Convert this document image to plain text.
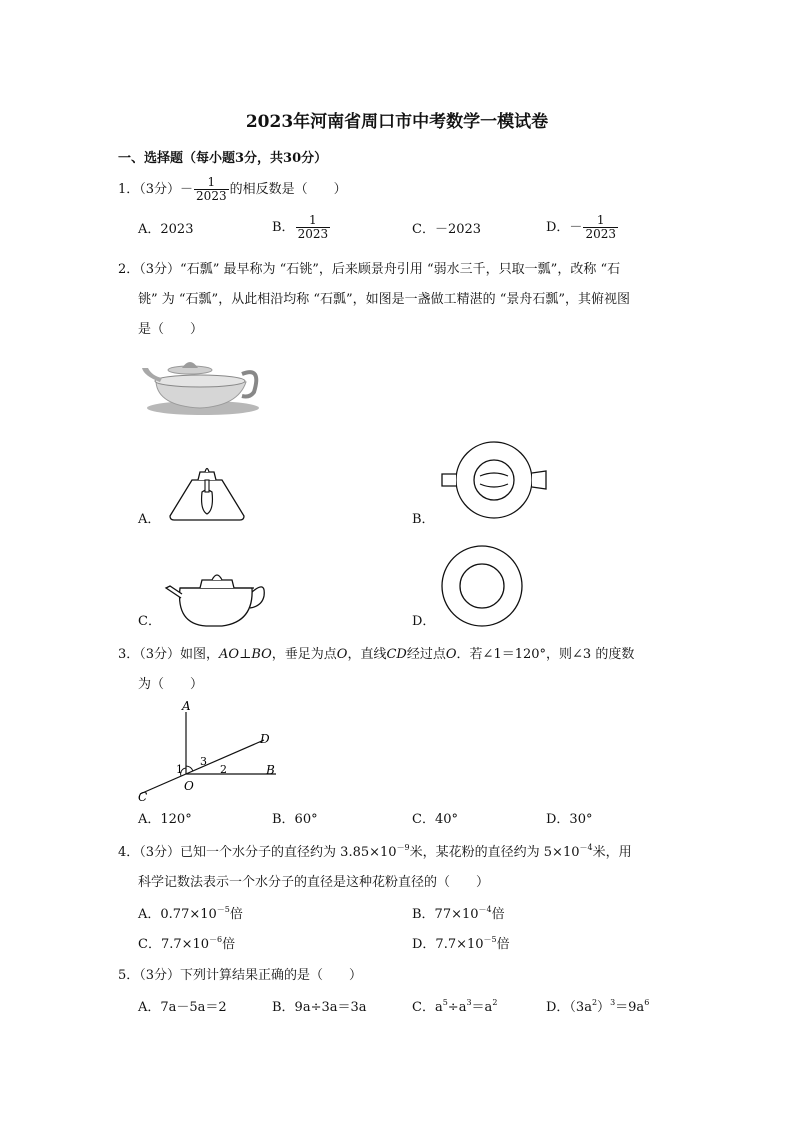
2023年河南省周口市中考数学一模试卷
一、选择题（每小题3分，共30分）
1．（3分）－ $\frac{1}{2023}$ 的相反数是（　　）
A．2023	B． $\frac{1}{2023}$	C．－2023	D．－ $\frac{1}{2023}$
2．（3分）“石瓢” 最早称为 “石铫”，后来顾景舟引用 “弱水三千，只取一瓢”，改称 “石
铫” 为 “石瓢”，从此相沿均称 “石瓢”，如图是一盏做工精湛的 “景舟石瓢”，其俯视图
是（　　）
A．	B．
C．	D．
3．（3分）如图，AO⊥BO，垂足为点O，直线CD经过点O．若∠1＝120°，则∠3 的度数
为（　　）
A
D
B
C
O
1	2
3
A．120°	B．60°	C．40°	D．30°
4．（3分）已知一个水分子的直径约为 $3.85\times 10^{-9}$米，某花粉的直径约为 $5\times 10^{-4}$米，用
科学记数法表示一个水分子的直径是这种花粉直径的（　　）
A．$0.77\times 10^{-5}$倍	B．$77\times 10^{-4}$倍
C．$7.7\times 10^{-6}$倍	D．$7.7\times 10^{-5}$倍
5．（3分）下列计算结果正确的是（　　）
A．7a－5a＝2	B．9a÷3a＝3a	C．$a^5\div a^3=a^2$	D．$(3a^2)^3=9a^6$
